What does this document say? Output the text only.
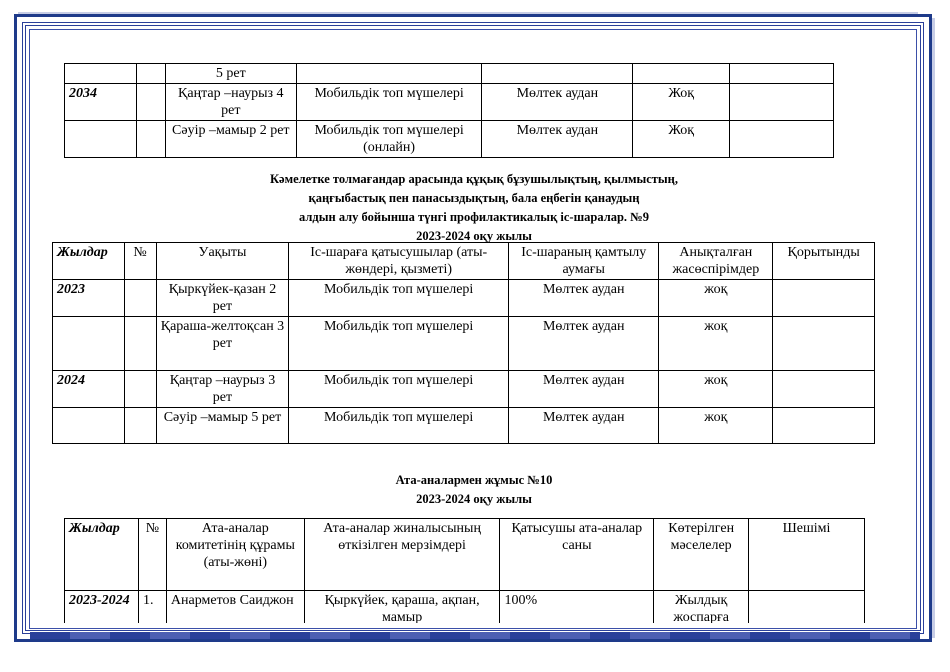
		5 рет				
2034		Қаңтар –наурыз 4 рет	Мобильдік топ мүшелері	Мөлтек аудан	Жоқ	
		Сәуір –мамыр 2 рет	Мобильдік топ мүшелері (онлайн)	Мөлтек аудан	Жоқ	
Кәмелетке толмағандар арасында құқық бұзушылықтың, қылмыстың,
қаңғыбастық пен панасыздықтың, бала еңбегін қанаудың
алдын алу бойынша түнгі профилактикалық іс-шаралар. №9
2023-2024 оқу жылы
Жылдар	№	Уақыты	Іс-шараға қатысушылар (аты-жөндері, қызметі)	Іс-шараның қамтылу аумағы	Анықталған жасөспірімдер	Қорытынды
2023		Қыркүйек-қазан 2 рет	Мобильдік топ мүшелері	Мөлтек аудан	жоқ	
		Қараша-желтоқсан 3 рет	Мобильдік топ мүшелері	Мөлтек аудан	жоқ	
2024		Қаңтар –наурыз 3 рет	Мобильдік топ мүшелері	Мөлтек аудан	жоқ	
		Сәуір –мамыр 5 рет	Мобильдік топ мүшелері	Мөлтек аудан	жоқ	
Ата-аналармен жұмыс №10
2023-2024 оқу жылы
Жылдар	№	Ата-аналар комитетінің құрамы (аты-жөні)	Ата-аналар жиналысының өткізілген мерзімдері	Қатысушы ата-аналар саны	Көтерілген мәселелер	Шешімі
2023-2024	1.	Анарметов Саиджон	Қыркүйек, қараша, ақпан, мамыр	100%	Жылдық жоспарға	
